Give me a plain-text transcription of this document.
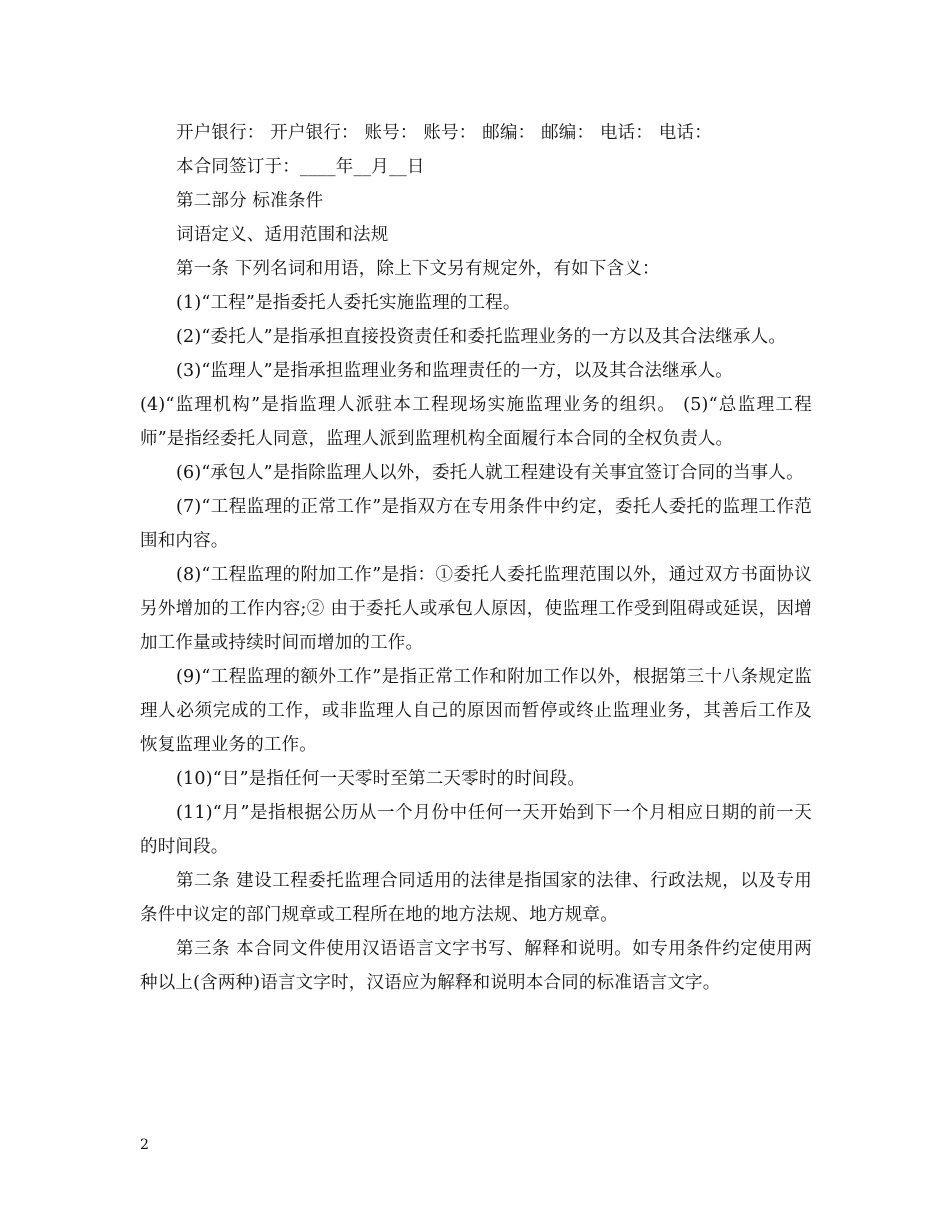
开户银行： 开户银行： 账号： 账号： 邮编： 邮编： 电话： 电话：

本合同签订于：____年__月__日

第二部分 标准条件

词语定义、适用范围和法规

第一条 下列名词和用语，除上下文另有规定外，有如下含义：

(1)“工程”是指委托人委托实施监理的工程。

(2)“委托人”是指承担直接投资责任和委托监理业务的一方以及其合法继承人。

(3)“监理人”是指承担监理业务和监理责任的一方，以及其合法继承人。

(4)“监理机构”是指监理人派驻本工程现场实施监理业务的组织。 (5)“总监理工程师”是指经委托人同意，监理人派到监理机构全面履行本合同的全权负责人。

(6)“承包人”是指除监理人以外，委托人就工程建设有关事宜签订合同的当事人。

(7)“工程监理的正常工作”是指双方在专用条件中约定，委托人委托的监理工作范围和内容。

(8)“工程监理的附加工作”是指：①委托人委托监理范围以外，通过双方书面协议另外增加的工作内容;② 由于委托人或承包人原因，使监理工作受到阻碍或延误，因增加工作量或持续时间而增加的工作。

(9)“工程监理的额外工作”是指正常工作和附加工作以外，根据第三十八条规定监理人必须完成的工作，或非监理人自己的原因而暂停或终止监理业务，其善后工作及恢复监理业务的工作。

(10)“日”是指任何一天零时至第二天零时的时间段。

(11)“月”是指根据公历从一个月份中任何一天开始到下一个月相应日期的前一天的时间段。

第二条 建设工程委托监理合同适用的法律是指国家的法律、行政法规，以及专用条件中议定的部门规章或工程所在地的地方法规、地方规章。

第三条 本合同文件使用汉语语言文字书写、解释和说明。如专用条件约定使用两种以上(含两种)语言文字时，汉语应为解释和说明本合同的标准语言文字。

2
